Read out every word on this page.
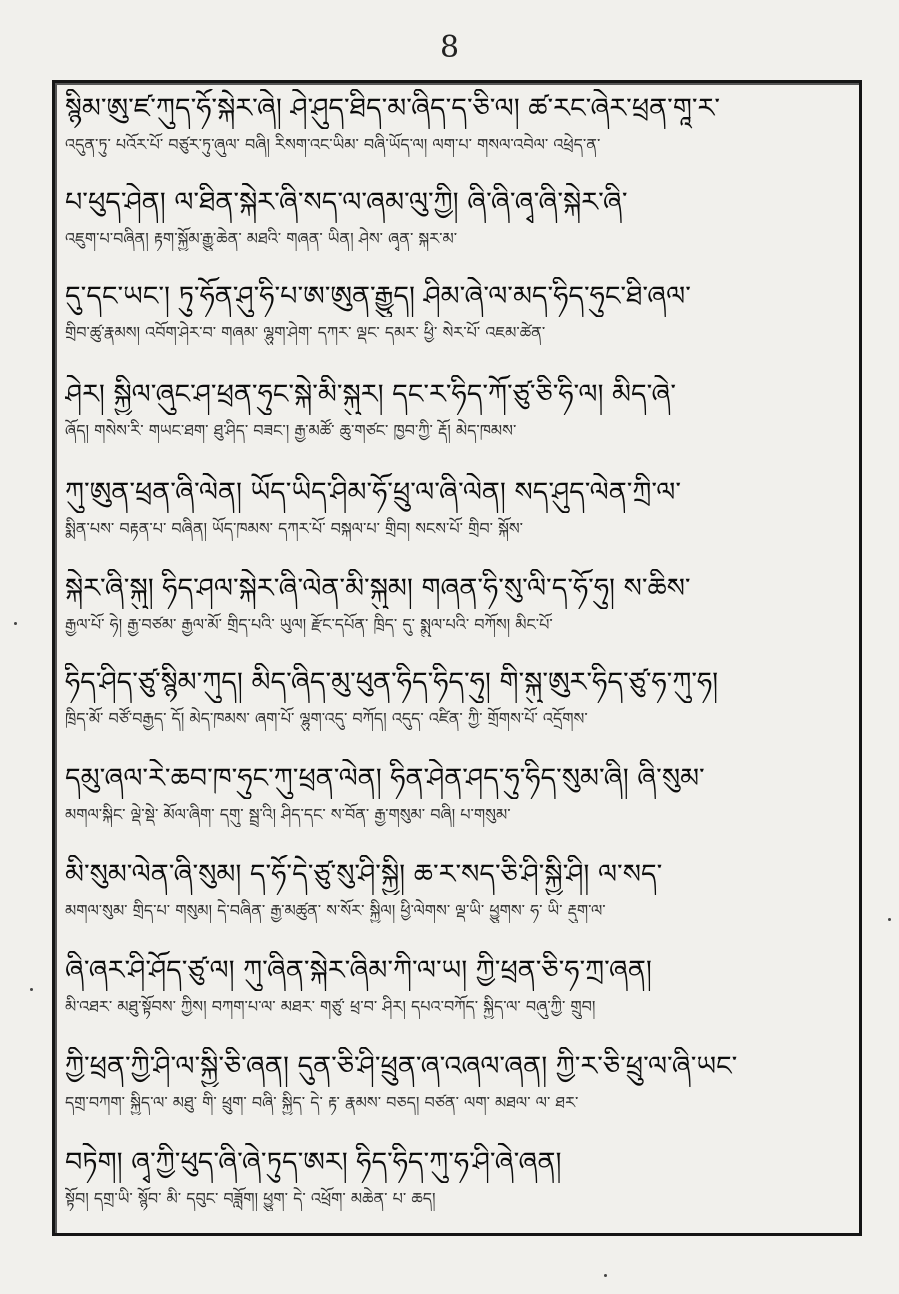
8
སྙིམ་ཨུ་ཛ་ཀུད་ཧོ་སྐེར་ཞེ། ཤེ་ཤུད་ཐིད་མ་ཞིད་ད་ཅི་ལ། ཚ་རང་ཞེར་ཕྲན་གཱ་ར་
འདུན་ཏུ་ པའོར་པོ་ བཙུར་ཏུ་ཞུལ་ བཞི། རིསག་འང་ཡིམ་ བཞི་ཡོད་ལ། ལག་པ་ གསལ་འབེལ་ འཕྲེད་ན་
པ་ཕུད་ཤེན། ལ་ཐིན་སྐེར་ཞི་སད་ལ་ཞམ་ལུ་ཀྱི། ཞི་ཞི་ཞྭ་ཞི་སྐེར་ཞི་
འཇུག་པ་བཞིན། རྟག་སྐྱོམ་རྒྱུ་ཆེན་ མཐའི་ གཞན་ ཡིན། ཤེས་ ཞྭན་ སྐར་མ་
དུ་དང་ཡང་། ཏུ་ཧོན་ཤུ་ཧི་པ་ཨ་ཨུན་རྒྱུད། ཤིམ་ཞེ་ལ་མད་ཧིད་ཧུང་ཐི་ཞལ་
གྲིབ་ཚུ་རྣམས། འབོག་ཤེར་བ་ གཞམ་ ལྷུག་ཤེག་ དཀར་ ལྡང་ དམར་ ཕྱི་ སེར་པོ་ འཇམ་ཚེན་
ཤེར། སྐྱིལ་ཞུང་ཤ་ཕྲན་ཧུང་སྐེ་མི་སྐུར། དང་ར་ཧིད་ཀོ་ཙུ་ཅི་ཧི་ལ། མིད་ཞེ་
ཞོད། གསེས་རི་ གཡང་ཐག་ ཐུ་ཤིད་ བཟང་། རྒྱ་མཚོ་ ཆུ་གཙང་ ཁྱབ་ཀྱི་ རྡོ། མེད་ཁམས་
ཀུ་ཨུན་ཕྲན་ཞི་ལེན། ཡོད་ཡིད་ཤིམ་ཧོ་ཕྲུ་ལ་ཞི་ལེན། སད་ཤུད་ལེན་ཀྲི་ལ་
སྨིན་པས་ བརྟན་པ་ བཞིན། ཡོད་ཁམས་ དཀར་པོ་ བསྐལ་པ་ གྲིབ། སངས་པོ་ གྲིབ་ སྐོས་
སྐེར་ཞི་སྐུ། ཧིད་ཤལ་སྐེར་ཞི་ལེན་མི་སྐུམ། གཞན་ཧི་སུ་ལི་ད་ཧོ་ཧུ། ས་ཆིས་
རྒྱལ་པོ་ ཧེ། རྒྱ་བཙམ་ རྒྱལ་མོ་ གྲིད་པའི་ ཡུལ། རྫོང་དཔོན་ ཁྲིད་ དུ་ སྨུལ་པའི་ བཀོས། མིང་པོ་
ཧིད་ཤིད་ཙུ་སྙིམ་ཀུད། མིད་ཞིད་མུ་ཕུན་ཧིད་ཧིད་ཧུ། གི་སྐུ་ཨུར་ཧིད་ཙུ་ཧ་ཀུ་ཧ།
ཁྲིད་མོ་ བཙོ་བརྒྱད་ དོ། མེད་ཁམས་ ཞག་པོ་ ལྷུག་འདུ་ བཀོད། འདུད་ འཛིན་ ཀྱི་ གྲོགས་པོ་ འདྲོགས་
དམུ་ཞལ་རེ་ཆབ་ཁ་ཧུང་ཀུ་ཕྲན་ལེན། ཧིན་ཤེན་ཤད་ཧུ་ཧིད་སུམ་ཞི། ཞི་སུམ་
མགལ་སྐིང་ ལྡེ་སྡེ་ མོལ་ཞིག་ དགུ་ སྦྲ་འི། ཤིད་དང་ ས་བོན་ རྒྱ་གསུམ་ བཞི། པ་གསུམ་
མི་སུམ་ལེན་ཞི་སུམ། ད་ཧོ་དེ་ཙུ་སུ་ཤི་སྐྱི། ཆ་ར་སད་ཅི་ཤི་སྐྱི་ཤི། ལ་སད་
མགལ་སུམ་ གྲིད་པ་ གསུམ། དེ་བཞིན་ རྒྱ་མཚུན་ ས་སོར་ སྐྱིལ། ཕྱི་ལེགས་ ལྡ་ཡི་ ཕྱུགས་ ཧ་ ཡི་ རྡུག་ལ་
ཞི་ཞར་ཤི་ཤོད་ཙུ་ལ། ཀུ་ཞིན་སྐེར་ཞིམ་ཀི་ལ་ཡ། ཀྱི་ཕྲན་ཅི་ཧ་ཀྲ་ཞན།
མི་འཐར་ མཐུ་སྟོབས་ ཀྱིས། བཀག་པ་ལ་ མཐར་ གཙུ་ ཕྲ་བ་ ཤིར། དཔའ་བཀོད་ སྐྱིད་ལ་ བཞུ་ཀྱི་ གྲུབ།
ཀྱི་ཕྲན་ཀྱི་ཤི་ལ་སྐྱི་ཅི་ཞན། དུན་ཅི་ཤི་ཕྲུན་ཞ་འཞལ་ཞན། ཀྱི་ར་ཅི་ཕྲུ་ལ་ཞི་ཡང་
དགྲ་བཀག་ སྐྱིད་ལ་ མཐུ་ གི་ ཕྲུག་ བཞི་ སྐྱིད་ དེ་ རྟ་ རྣམས་ བཅད། བཙན་ ལག་ མཐལ་ ལ་ ཐར་
བཏེག། ཞྭ་ཀྱི་ཕུད་ཞི་ཞེ་ཏུད་ཨར། ཧིད་ཧིད་ཀུ་ཧ་ཤི་ཞེ་ཞན།
སྟོབ། དགྲ་ཡི་ སྙོབ་ མི་ དབུང་ བཟློག། ཕྱུག་ དེ་ འཕྲོག་ མཆེན་ པ་ ཆད།
